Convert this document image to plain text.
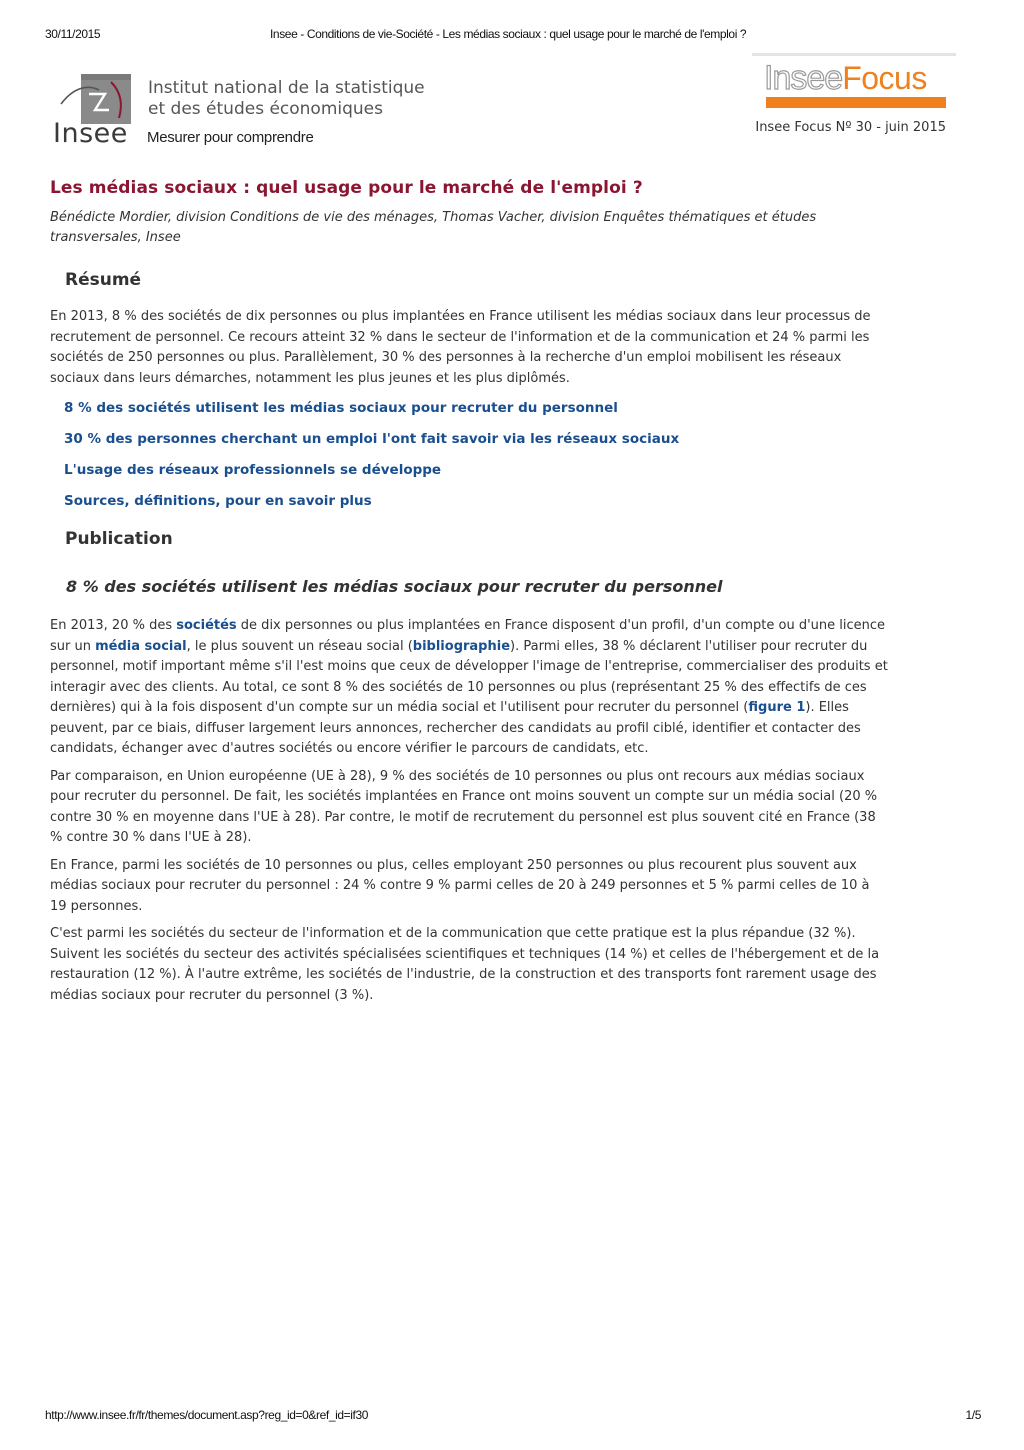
30/11/2015	Insee - Conditions de vie-Société - Les médias sociaux : quel usage pour le marché de l'emploi ?
Insee
Institut national de la statistique
et des études économiques
Mesurer pour comprendre
InseeFocus
Insee Focus Nº 30 - juin 2015
Les médias sociaux : quel usage pour le marché de l'emploi ?

Bénédicte Mordier, division Conditions de vie des ménages, Thomas Vacher, division Enquêtes thématiques et études transversales, Insee

Résumé

En 2013, 8 % des sociétés de dix personnes ou plus implantées en France utilisent les médias sociaux dans leur processus de recrutement de personnel. Ce recours atteint 32 % dans le secteur de l'information et de la communication et 24 % parmi les sociétés de 250 personnes ou plus. Parallèlement, 30 % des personnes à la recherche d'un emploi mobilisent les réseaux sociaux dans leurs démarches, notamment les plus jeunes et les plus diplômés.

8 % des sociétés utilisent les médias sociaux pour recruter du personnel
30 % des personnes cherchant un emploi l'ont fait savoir via les réseaux sociaux
L'usage des réseaux professionnels se développe
Sources, définitions, pour en savoir plus
Publication
8 % des sociétés utilisent les médias sociaux pour recruter du personnel

En 2013, 20 % des sociétés de dix personnes ou plus implantées en France disposent d'un profil, d'un compte ou d'une licence sur un média social, le plus souvent un réseau social (bibliographie). Parmi elles, 38 % déclarent l'utiliser pour recruter du personnel, motif important même s'il l'est moins que ceux de développer l'image de l'entreprise, commercialiser des produits et interagir avec des clients. Au total, ce sont 8 % des sociétés de 10 personnes ou plus (représentant 25 % des effectifs de ces dernières) qui à la fois disposent d'un compte sur un média social et l'utilisent pour recruter du personnel (figure 1). Elles peuvent, par ce biais, diffuser largement leurs annonces, rechercher des candidats au profil ciblé, identifier et contacter des candidats, échanger avec d'autres sociétés ou encore vérifier le parcours de candidats, etc.

Par comparaison, en Union européenne (UE à 28), 9 % des sociétés de 10 personnes ou plus ont recours aux médias sociaux pour recruter du personnel. De fait, les sociétés implantées en France ont moins souvent un compte sur un média social (20 % contre 30 % en moyenne dans l'UE à 28). Par contre, le motif de recrutement du personnel est plus souvent cité en France (38 % contre 30 % dans l'UE à 28).

En France, parmi les sociétés de 10 personnes ou plus, celles employant 250 personnes ou plus recourent plus souvent aux médias sociaux pour recruter du personnel : 24 % contre 9 % parmi celles de 20 à 249 personnes et 5 % parmi celles de 10 à 19 personnes.

C'est parmi les sociétés du secteur de l'information et de la communication que cette pratique est la plus répandue (32 %). Suivent les sociétés du secteur des activités spécialisées scientifiques et techniques (14 %) et celles de l'hébergement et de la restauration (12 %). À l'autre extrême, les sociétés de l'industrie, de la construction et des transports font rarement usage des médias sociaux pour recruter du personnel (3 %).

http://www.insee.fr/fr/themes/document.asp?reg_id=0&ref_id=if30	1/5
